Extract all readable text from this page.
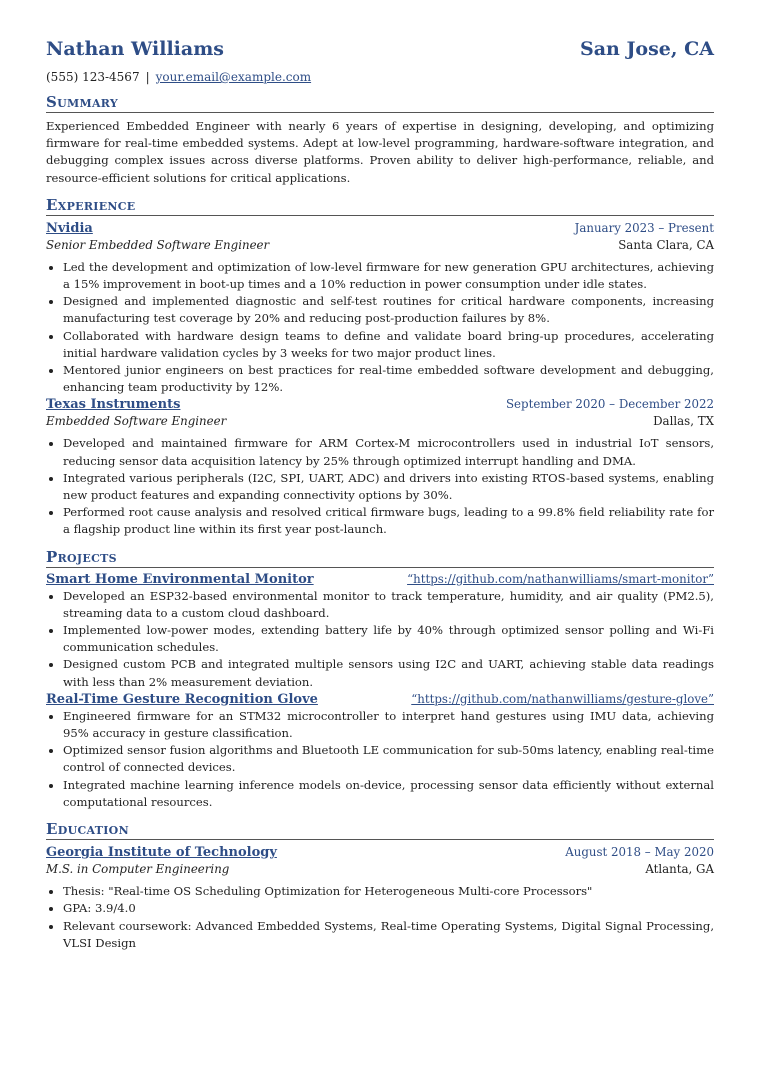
Nathan Williams	San Jose, CA
(555) 123-4567 | your.email@example.com
Summary
Experienced Embedded Engineer with nearly 6 years of expertise in designing, developing, and optimizing firmware for real-time embedded systems. Adept at low-level programming, hardware-software integration, and debugging complex issues across diverse platforms. Proven ability to deliver high-performance, reliable, and resource-efficient solutions for critical applications.
Experience
Nvidia	January 2023 – Present
Senior Embedded Software Engineer	Santa Clara, CA
• Led the development and optimization of low-level firmware for new generation GPU architectures, achieving a 15% improvement in boot-up times and a 10% reduction in power consumption under idle states.
• Designed and implemented diagnostic and self-test routines for critical hardware components, increasing manufacturing test coverage by 20% and reducing post-production failures by 8%.
• Collaborated with hardware design teams to define and validate board bring-up procedures, accelerating initial hardware validation cycles by 3 weeks for two major product lines.
• Mentored junior engineers on best practices for real-time embedded software development and debugging, enhancing team productivity by 12%.
Texas Instruments	September 2020 – December 2022
Embedded Software Engineer	Dallas, TX
• Developed and maintained firmware for ARM Cortex-M microcontrollers used in industrial IoT sensors, reducing sensor data acquisition latency by 25% through optimized interrupt handling and DMA.
• Integrated various peripherals (I2C, SPI, UART, ADC) and drivers into existing RTOS-based systems, enabling new product features and expanding connectivity options by 30%.
• Performed root cause analysis and resolved critical firmware bugs, leading to a 99.8% field reliability rate for a flagship product line within its first year post-launch.
Projects
Smart Home Environmental Monitor	“https://github.com/nathanwilliams/smart-monitor”
• Developed an ESP32-based environmental monitor to track temperature, humidity, and air quality (PM2.5), streaming data to a custom cloud dashboard.
• Implemented low-power modes, extending battery life by 40% through optimized sensor polling and Wi-Fi communication schedules.
• Designed custom PCB and integrated multiple sensors using I2C and UART, achieving stable data readings with less than 2% measurement deviation.
Real-Time Gesture Recognition Glove	“https://github.com/nathanwilliams/gesture-glove”
• Engineered firmware for an STM32 microcontroller to interpret hand gestures using IMU data, achieving 95% accuracy in gesture classification.
• Optimized sensor fusion algorithms and Bluetooth LE communication for sub-50ms latency, enabling real-time control of connected devices.
• Integrated machine learning inference models on-device, processing sensor data efficiently without external computational resources.
Education
Georgia Institute of Technology	August 2018 – May 2020
M.S. in Computer Engineering	Atlanta, GA
• Thesis: "Real-time OS Scheduling Optimization for Heterogeneous Multi-core Processors"
• GPA: 3.9/4.0
• Relevant coursework: Advanced Embedded Systems, Real-time Operating Systems, Digital Signal Processing, VLSI Design
